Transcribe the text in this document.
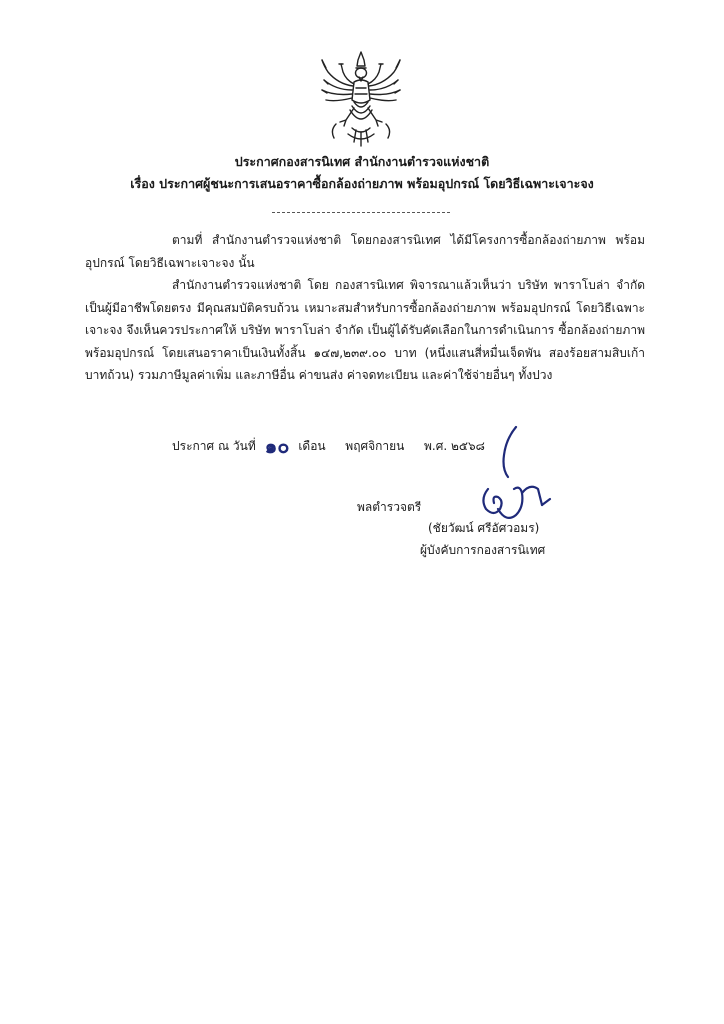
ประกาศกองสารนิเทศ สำนักงานตำรวจแห่งชาติ
เรื่อง ประกาศผู้ชนะการเสนอราคาซื้อกล้องถ่ายภาพ พร้อมอุปกรณ์ โดยวิธีเฉพาะเจาะจง
ตามที่ สำนักงานตำรวจแห่งชาติ โดยกองสารนิเทศ ได้มีโครงการซื้อกล้องถ่ายภาพ พร้อมอุปกรณ์ โดยวิธีเฉพาะเจาะจง นั้น
สำนักงานตำรวจแห่งชาติ โดย กองสารนิเทศ พิจารณาแล้วเห็นว่า บริษัท พาราโบล่า จำกัด เป็นผู้มีอาชีพโดยตรง มีคุณสมบัติครบถ้วน เหมาะสมสำหรับการซื้อกล้องถ่ายภาพ พร้อมอุปกรณ์ โดยวิธีเฉพาะเจาะจง จึงเห็นควรประกาศให้ บริษัท พาราโบล่า จำกัด เป็นผู้ได้รับคัดเลือกในการดำเนินการ ซื้อกล้องถ่ายภาพ พร้อมอุปกรณ์ โดยเสนอราคาเป็นเงินทั้งสิ้น ๑๔๗,๒๓๙.๐๐ บาท (หนึ่งแสนสี่หมื่นเจ็ดพัน สองร้อยสามสิบเก้าบาทถ้วน) รวมภาษีมูลค่าเพิ่ม และภาษีอื่น ค่าขนส่ง ค่าจดทะเบียน และค่าใช้จ่ายอื่นๆ ทั้งปวง
ประกาศ ณ วันที่ ๑๐ เดือน พฤศจิกายน พ.ศ. ๒๕๖๘
พลตำรวจตรี
(ชัยวัฒน์ ศรีอัศวอมร)
ผู้บังคับการกองสารนิเทศ
